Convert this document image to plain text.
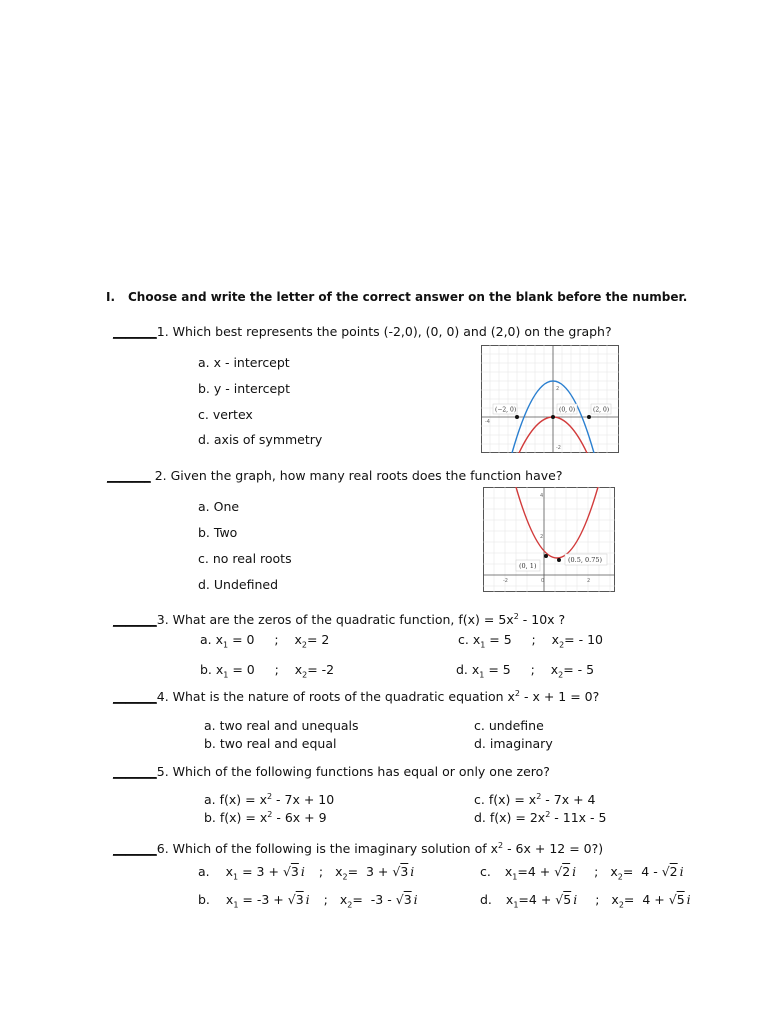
I. Choose and write the letter of the correct answer on the blank before the number.
_______1. Which best represents the points (-2,0), (0, 0) and (2,0) on the graph?
a. x - intercept
b. y - intercept
c. vertex
d. axis of symmetry
2
-4
-2
(−2, 0)	(0, 0)	(2, 0)
_______ 2. Given the graph, how many real roots does the function have?
a. One
b. Two
c. no real roots
d. Undefined
4
2
-2	0	2
(0, 1)
(0.5, 0.75)
_______3. What are the zeros of the quadratic function, $f(x) = 5x^2 - 10x$ ?
a. $x_1 = 0$     ;    $x_2= 2$	c. $x_1 = 5$     ;    $x_2= - 10$
b. $x_1 = 0$     ;    $x_2= -2$	d. $x_1 = 5$     ;    $x_2= - 5$
_______4. What is the nature of roots of the quadratic equation $x^2 - x + 1 = 0$?
a. two real and unequals	c. undefine
b. two real and equal	d. imaginary
_______5. Which of the following functions has equal or only one zero?
a. $f(x) = x^2 - 7x + 10$	c. $f(x) = x^2 - 7x + 4$
b. $f(x) = x^2 - 6x + 9$	d. $f(x) = 2x^2 - 11x - 5$
_______6. Which of the following is the imaginary solution of $x^2 - 6x + 12$ = 0?)
a. $x_1 = 3 + √3$ i ; $x_2= 3 + √3$ i	c. $x_1=4 + √2$ i ; $x_2= 4 - √2$ i
b. $x_1 = -3 + √3$ i ; $x_2= -3 - √3$ i	d. $x_1=4 + √5$ i ; $x_2= 4 + √5$ i
